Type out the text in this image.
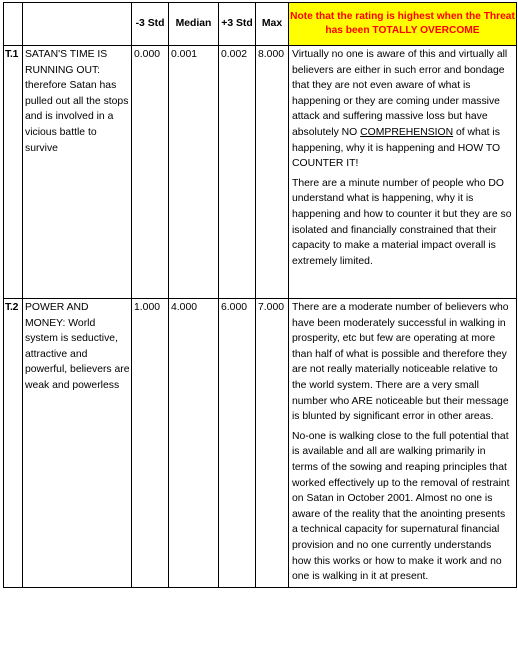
		-3 Std	Median	+3 Std	Max	Note that the rating is highest when the Threat has been TOTALLY OVERCOME
T.1	SATAN'S TIME IS RUNNING OUT: therefore Satan has pulled out all the stops and is involved in a vicious battle to survive	0.000	0.001	0.002	8.000	Virtually no one is aware of this and virtually all believers are either in such error and bondage that they are not even aware of what is happening or they are coming under massive attack and suffering massive loss but have absolutely NO COMPREHENSION of what is happening, why it is happening and HOW TO COUNTER IT!

There are a minute number of people who DO understand what is happening, why it is happening and how to counter it but they are so isolated and financially constrained that their capacity to make a material impact overall is extremely limited.

T.2	POWER AND MONEY: World system is seductive, attractive and powerful, believers are weak and powerless	1.000	4.000	6.000	7.000	There are a moderate number of believers who have been moderately successful in walking in prosperity, etc but few are operating at more than half of what is possible and therefore they are not really materially noticeable relative to the world system. There are a very small number who ARE noticeable but their message is blunted by significant error in other areas.

No-one is walking close to the full potential that is available and all are walking primarily in terms of the sowing and reaping principles that worked effectively up to the removal of restraint on Satan in October 2001. Almost no one is aware of the reality that the anointing presents a technical capacity for supernatural financial provision and no one currently understands how this works or how to make it work and no one is walking in it at present.
